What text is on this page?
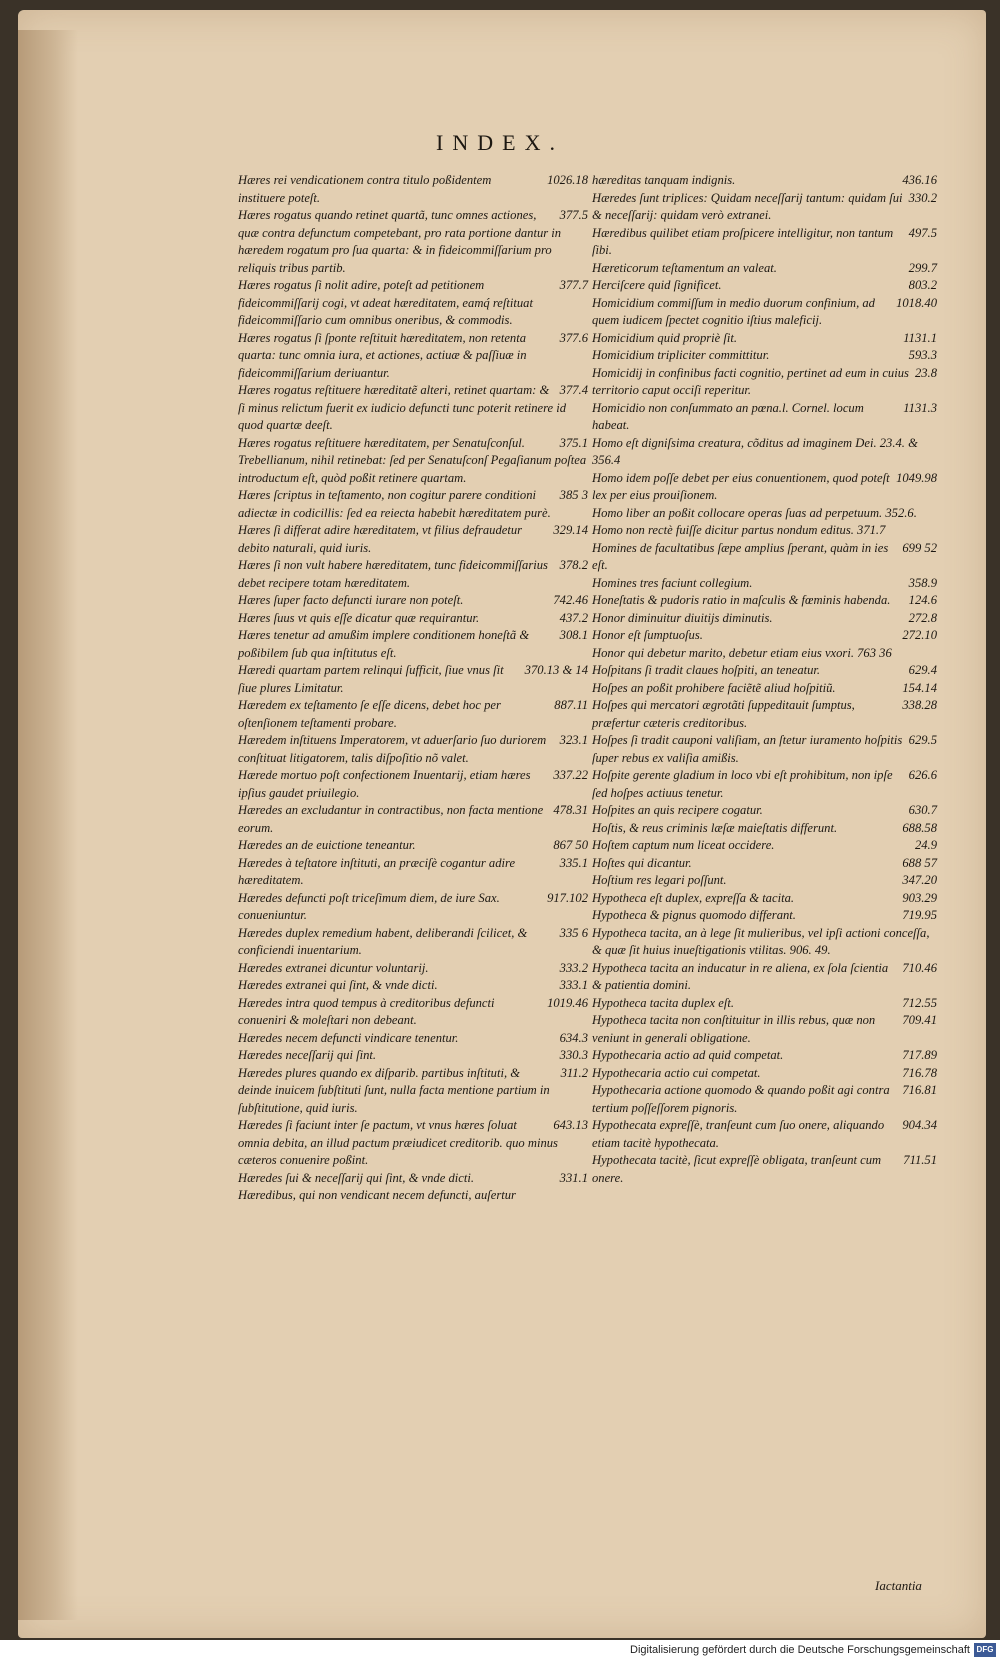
INDEX.

1026.18
Hæres rei vendicationem contra titulo poßidentem instituere poteſt.

377.5
Hæres rogatus quando retinet quartã, tunc omnes actiones, quæ contra defunctum competebant, pro rata portione dantur in hæredem rogatum pro ſua quarta: & in fideicommiſſarium pro reliquis tribus partib.

377.7
Hæres rogatus ſi nolit adire, poteſt ad petitionem fideicommiſſarij cogi, vt adeat hæreditatem, eamq́ reſtituat fideicommiſſario cum omnibus oneribus, & commodis.

377.6
Hæres rogatus ſi ſponte reſtituit hæreditatem, non retenta quarta: tunc omnia iura, et actiones, actiuæ & paſſiuæ in fideicommiſſarium deriuantur.

377.4
Hæres rogatus reſtituere hæreditatẽ alteri, retinet quartam: & ſi minus relictum fuerit ex iudicio defuncti tunc poterit retinere id quod quartæ deeſt.

375.1
Hæres rogatus reſtituere hæreditatem, per Senatuſconſul. Trebellianum, nihil retinebat: ſed per Senatuſconſ Pegaſianum poſtea introductum eſt, quòd poßit retinere quartam.

385 3
Hæres ſcriptus in teſtamento, non cogitur parere conditioni adiectæ in codicillis: ſed ea reiecta habebit hæreditatem purè.

329.14
Hæres ſi differat adire hæreditatem, vt filius defraudetur debito naturali, quid iuris.

378.2
Hæres ſi non vult habere hæreditatem, tunc fideicommiſſarius debet recipere totam hæreditatem.

742.46
Hæres ſuper facto defuncti iurare non poteſt.

437.2
Hæres ſuus vt quis eſſe dicatur quæ requirantur.

308.1
Hæres tenetur ad amußim implere conditionem honeſtã & poßibilem ſub qua inſtitutus eſt.

370.13 & 14
Hæredi quartam partem relinqui ſufficit, ſiue vnus ſit ſiue plures Limitatur.

887.11
Hæredem ex teſtamento ſe eſſe dicens, debet hoc per oſtenſionem teſtamenti probare.

323.1
Hæredem inſtituens Imperatorem, vt aduerſario ſuo duriorem conſtituat litigatorem, talis diſpoſitio nõ valet.

337.22
Hærede mortuo poſt confectionem Inuentarij, etiam hæres ipſius gaudet priuilegio.

478.31
Hæredes an excludantur in contractibus, non facta mentione eorum.

867 50
Hæredes an de euictione teneantur.

335.1
Hæredes à teſtatore inſtituti, an præciſè cogantur adire hæreditatem.

917.102
Hæredes defuncti poſt triceſimum diem, de iure Sax. conueniuntur.

335 6
Hæredes duplex remedium habent, deliberandi ſcilicet, & conficiendi inuentarium.

333.2
Hæredes extranei dicuntur voluntarij.

333.1
Hæredes extranei qui ſint, & vnde dicti.

1019.46
Hæredes intra quod tempus à creditoribus defuncti conueniri & moleſtari non debeant.

634.3
Hæredes necem defuncti vindicare tenentur.

330.3
Hæredes neceſſarij qui ſint.

311.2
Hæredes plures quando ex diſparib. partibus inſtituti, & deinde inuicem ſubſtituti ſunt, nulla facta mentione partium in ſubſtitutione, quid iuris.

643.13
Hæredes ſi faciunt inter ſe pactum, vt vnus hæres ſoluat omnia debita, an illud pactum præiudicet creditorib. quo minus cæteros conuenire poßint.

331.1
Hæredes ſui & neceſſarij qui ſint, & vnde dicti.

Hæredibus, qui non vendicant necem defuncti, auſertur

436.16
hæreditas tanquam indignis.

330.2
Hæredes ſunt triplices: Quidam neceſſarij tantum: quidam ſui & neceſſarij: quidam verò extranei.

497.5
Hæredibus quilibet etiam proſpicere intelligitur, non tantum ſibi.

299.7
Hæreticorum teſtamentum an valeat.

803.2
Herciſcere quid ſignificet.

1018.40
Homicidium commiſſum in medio duorum confinium, ad quem iudicem ſpectet cognitio iſtius maleficij.

1131.1
Homicidium quid propriè ſit.

593.3
Homicidium tripliciter committitur.

23.8
Homicidij in confinibus facti cognitio, pertinet ad eum in cuius territorio caput occiſi reperitur.

1131.3
Homicidio non conſummato an pœna.l. Cornel. locum habeat.

Homo eſt digniſsima creatura, cõditus ad imaginem Dei. 23.4. & 356.4

1049.98
Homo idem poſſe debet per eius conuentionem, quod poteſt lex per eius prouiſionem.

Homo liber an poßit collocare operas ſuas ad perpetuum. 352.6.

Homo non rectè fuiſſe dicitur partus nondum editus. 371.7

699 52
Homines de facultatibus ſæpe amplius ſperant, quàm in ies eſt.

358.9
Homines tres faciunt collegium.

124.6
Honeſtatis & pudoris ratio in maſculis & fœminis habenda.

272.8
Honor diminuitur diuitijs diminutis.

272.10
Honor eſt ſumptuoſus.

Honor qui debetur marito, debetur etiam eius vxori. 763 36

629.4
Hoſpitans ſi tradit claues hoſpiti, an teneatur.

154.14
Hoſpes an poßit prohibere faciẽtẽ aliud hoſpitiũ.

338.28
Hoſpes qui mercatori ægrotãti ſuppeditauit ſumptus, præfertur cæteris creditoribus.

629.5
Hoſpes ſi tradit cauponi valiſiam, an ſtetur iuramento hoſpitis ſuper rebus ex valiſia amißis.

626.6
Hoſpite gerente gladium in loco vbi eſt prohibitum, non ipſe ſed hoſpes actiuus tenetur.

630.7
Hoſpites an quis recipere cogatur.

688.58
Hoſtis, & reus criminis læſæ maieſtatis differunt.

24.9
Hoſtem captum num liceat occidere.

688 57
Hoſtes qui dicantur.

347.20
Hoſtium res legari poſſunt.

903.29
Hypotheca eſt duplex, expreſſa & tacita.

719.95
Hypotheca & pignus quomodo differant.

Hypotheca tacita, an à lege ſit mulieribus, vel ipſi actioni conceſſa, & quæ ſit huius inueſtigationis vtilitas. 906. 49.

710.46
Hypotheca tacita an inducatur in re aliena, ex ſola ſcientia & patientia domini.

712.55
Hypotheca tacita duplex eſt.

709.41
Hypotheca tacita non conſtituitur in illis rebus, quæ non veniunt in generali obligatione.

717.89
Hypothecaria actio ad quid competat.

716.78
Hypothecaria actio cui competat.

716.81
Hypothecaria actione quomodo & quando poßit agi contra tertium poſſeſſorem pignoris.

904.34
Hypothecata expreſſè, tranſeunt cum ſuo onere, aliquando etiam tacitè hypothecata.

711.51
Hypothecata tacitè, ſicut expreſſè obligata, tranſeunt cum onere.

Iactantia
Digitalisierung gefördert durch die Deutsche Forschungsgemeinschaft DFG
